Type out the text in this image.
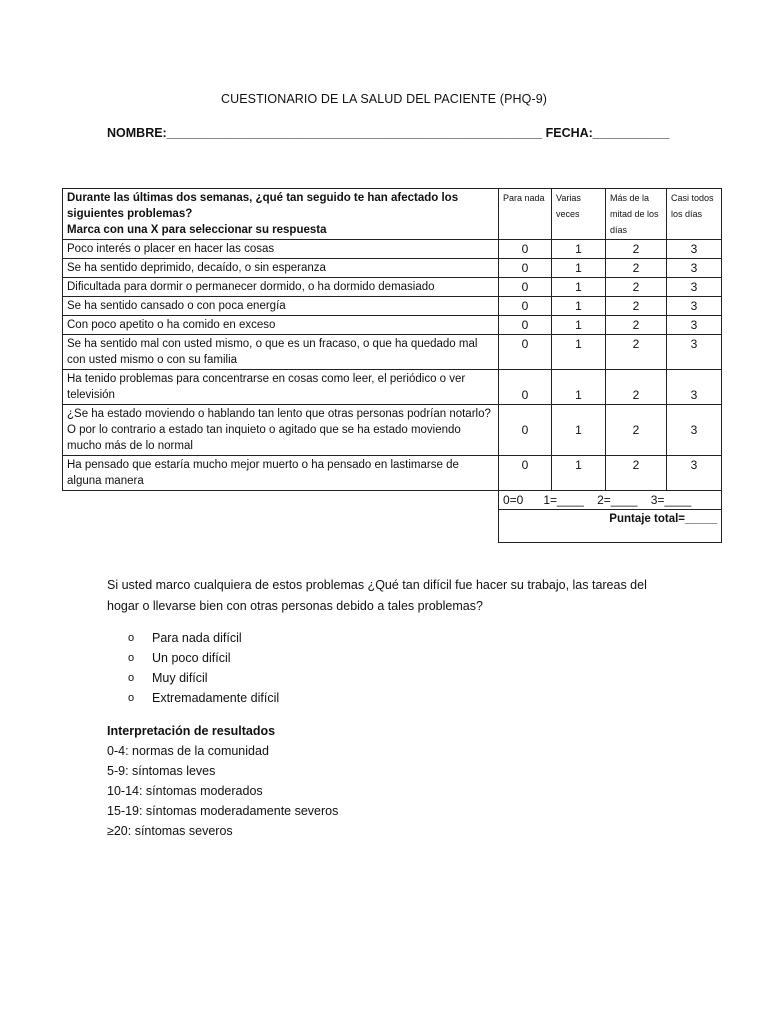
CUESTIONARIO DE LA SALUD DEL PACIENTE (PHQ-9)
NOMBRE:______________________________________________________ FECHA:___________
Durante las últimas dos semanas, ¿qué tan seguido te han afectado los siguientes problemas?
Marca con una X para seleccionar su respuesta	Para nada	Varias veces	Más de la mitad de los días	Casi todos los días
Poco interés o placer en hacer las cosas	0	1	2	3
Se ha sentido deprimido, decaído, o sin esperanza	0	1	2	3
Dificultada para dormir o permanecer dormido, o ha dormido demasiado	0	1	2	3
Se ha sentido cansado o con poca energía	0	1	2	3
Con poco apetito o ha comido en exceso	0	1	2	3
Se ha sentido mal con usted mismo, o que es un fracaso, o que ha quedado mal con usted mismo o con su familia	0	1	2	3
Ha tenido problemas para concentrarse en cosas como leer, el periódico o ver televisión	0	1	2	3
¿Se ha estado moviendo o hablando tan lento que otras personas podrían notarlo? O por lo contrario a estado tan inquieto o agitado que se ha estado moviendo mucho más de lo normal	0	1	2	3
Ha pensado que estaría mucho mejor muerto o ha pensado en lastimarse de alguna manera	0	1	2	3
	0=0      1=____    2=____    3=____			
	Puntaje total=_____			
Si usted marco cualquiera de estos problemas ¿Qué tan difícil fue hacer su trabajo, las tareas del hogar o llevarse bien con otras personas debido a tales problemas?
o	Para nada difícil
o	Un poco difícil
o	Muy difícil
o	Extremadamente difícil
Interpretación de resultados
0-4: normas de la comunidad
5-9: síntomas leves
10-14: síntomas moderados
15-19: síntomas moderadamente severos
≥20: síntomas severos
